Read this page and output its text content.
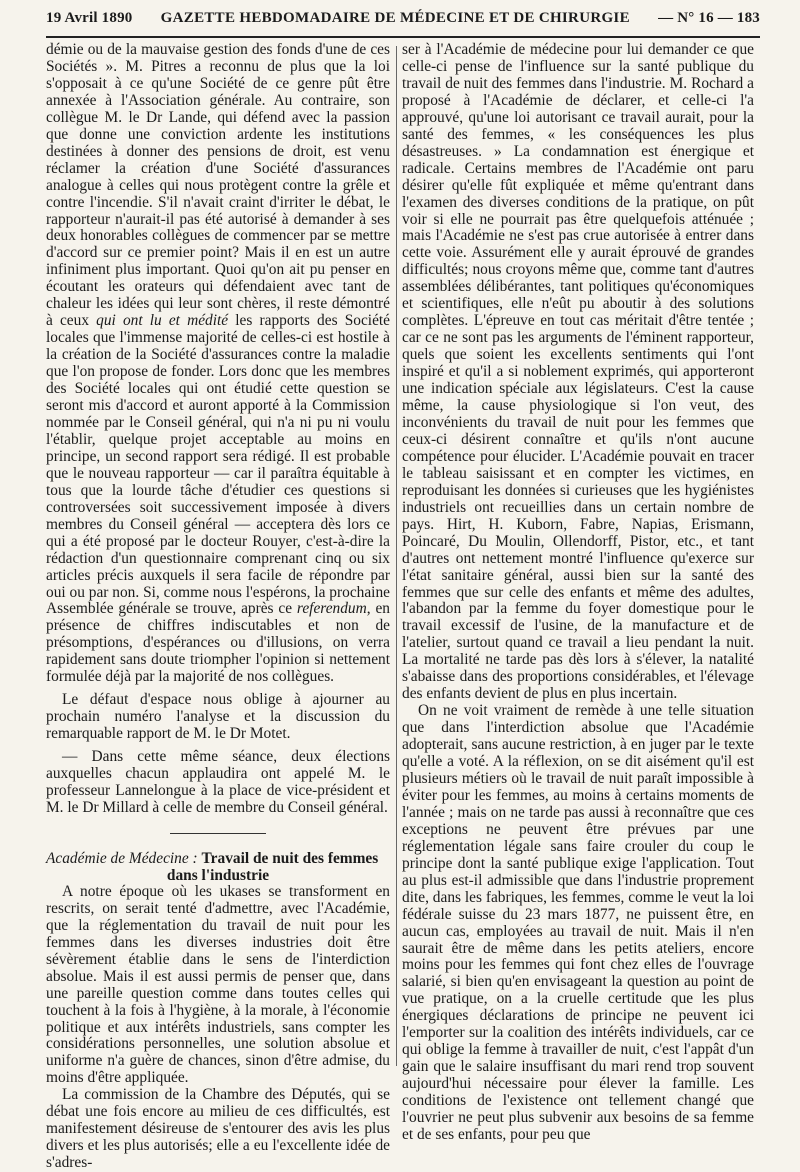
19 Avril 1890 GAZETTE HEBDOMADAIRE DE MÉDECINE ET DE CHIRURGIE — N° 16 — 183

démie ou de la mauvaise gestion des fonds d'une de ces Sociétés ». M. Pitres a reconnu de plus que la loi s'opposait à ce qu'une Société de ce genre pût être annexée à l'Association générale. Au contraire, son collègue M. le Dr Lande, qui défend avec la passion que donne une conviction ardente les institutions destinées à donner des pensions de droit, est venu réclamer la création d'une Société d'assurances analogue à celles qui nous protègent contre la grêle et contre l'incendie. S'il n'avait craint d'irriter le débat, le rapporteur n'aurait-il pas été autorisé à demander à ses deux honorables collègues de commencer par se mettre d'accord sur ce premier point? Mais il en est un autre infiniment plus important. Quoi qu'on ait pu penser en écoutant les orateurs qui défendaient avec tant de chaleur les idées qui leur sont chères, il reste démontré à ceux qui ont lu et médité les rapports des Société locales que l'immense majorité de celles-ci est hostile à la création de la Société d'assurances contre la maladie que l'on propose de fonder. Lors donc que les membres des Société locales qui ont étudié cette question se seront mis d'accord et auront apporté à la Commission nommée par le Conseil général, qui n'a ni pu ni voulu l'établir, quelque projet acceptable au moins en principe, un second rapport sera rédigé. Il est probable que le nouveau rapporteur — car il paraîtra équitable à tous que la lourde tâche d'étudier ces questions si controversées soit successivement imposée à divers membres du Conseil général — acceptera dès lors ce qui a été proposé par le docteur Rouyer, c'est-à-dire la rédaction d'un questionnaire comprenant cinq ou six articles précis auxquels il sera facile de répondre par oui ou par non. Si, comme nous l'espérons, la prochaine Assemblée générale se trouve, après ce referendum, en présence de chiffres indiscutables et non de présomptions, d'espérances ou d'illusions, on verra rapidement sans doute triompher l'opinion si nettement formulée déjà par la majorité de nos collègues.

Le défaut d'espace nous oblige à ajourner au prochain numéro l'analyse et la discussion du remarquable rapport de M. le Dr Motet.

— Dans cette même séance, deux élections auxquelles chacun applaudira ont appelé M. le professeur Lannelongue à la place de vice-président et M. le Dr Millard à celle de membre du Conseil général.

Académie de Médecine : Travail de nuit des femmes
dans l'industrie

A notre époque où les ukases se transforment en rescrits, on serait tenté d'admettre, avec l'Académie, que la réglementation du travail de nuit pour les femmes dans les diverses industries doit être sévèrement établie dans le sens de l'interdiction absolue. Mais il est aussi permis de penser que, dans une pareille question comme dans toutes celles qui touchent à la fois à l'hygiène, à la morale, à l'économie politique et aux intérêts industriels, sans compter les considérations personnelles, une solution absolue et uniforme n'a guère de chances, sinon d'être admise, du moins d'être appliquée.

La commission de la Chambre des Députés, qui se débat une fois encore au milieu de ces difficultés, est manifestement désireuse de s'entourer des avis les plus divers et les plus autorisés; elle a eu l'excellente idée de s'adres-

ser à l'Académie de médecine pour lui demander ce que celle-ci pense de l'influence sur la santé publique du travail de nuit des femmes dans l'industrie. M. Rochard a proposé à l'Académie de déclarer, et celle-ci l'a approuvé, qu'une loi autorisant ce travail aurait, pour la santé des femmes, « les conséquences les plus désastreuses. » La condamnation est énergique et radicale. Certains membres de l'Académie ont paru désirer qu'elle fût expliquée et même qu'entrant dans l'examen des diverses conditions de la pratique, on pût voir si elle ne pourrait pas être quelquefois atténuée ; mais l'Académie ne s'est pas crue autorisée à entrer dans cette voie. Assurément elle y aurait éprouvé de grandes difficultés; nous croyons même que, comme tant d'autres assemblées délibérantes, tant politiques qu'économiques et scientifiques, elle n'eût pu aboutir à des solutions complètes. L'épreuve en tout cas méritait d'être tentée ; car ce ne sont pas les arguments de l'éminent rapporteur, quels que soient les excellents sentiments qui l'ont inspiré et qu'il a si noblement exprimés, qui apporteront une indication spéciale aux législateurs. C'est la cause même, la cause physiologique si l'on veut, des inconvénients du travail de nuit pour les femmes que ceux-ci désirent connaître et qu'ils n'ont aucune compétence pour élucider. L'Académie pouvait en tracer le tableau saisissant et en compter les victimes, en reproduisant les données si curieuses que les hygiénistes industriels ont recueillies dans un certain nombre de pays. Hirt, H. Kuborn, Fabre, Napias, Erismann, Poincaré, Du Moulin, Ollendorff, Pistor, etc., et tant d'autres ont nettement montré l'influence qu'exerce sur l'état sanitaire général, aussi bien sur la santé des femmes que sur celle des enfants et même des adultes, l'abandon par la femme du foyer domestique pour le travail excessif de l'usine, de la manufacture et de l'atelier, surtout quand ce travail a lieu pendant la nuit. La mortalité ne tarde pas dès lors à s'élever, la natalité s'abaisse dans des proportions considérables, et l'élevage des enfants devient de plus en plus incertain.

On ne voit vraiment de remède à une telle situation que dans l'interdiction absolue que l'Académie adopterait, sans aucune restriction, à en juger par le texte qu'elle a voté. A la réflexion, on se dit aisément qu'il est plusieurs métiers où le travail de nuit paraît impossible à éviter pour les femmes, au moins à certains moments de l'année ; mais on ne tarde pas aussi à reconnaître que ces exceptions ne peuvent être prévues par une réglementation légale sans faire crouler du coup le principe dont la santé publique exige l'application. Tout au plus est-il admissible que dans l'industrie proprement dite, dans les fabriques, les femmes, comme le veut la loi fédérale suisse du 23 mars 1877, ne puissent être, en aucun cas, employées au travail de nuit. Mais il n'en saurait être de même dans les petits ateliers, encore moins pour les femmes qui font chez elles de l'ouvrage salarié, si bien qu'en envisageant la question au point de vue pratique, on a la cruelle certitude que les plus énergiques déclarations de principe ne peuvent ici l'emporter sur la coalition des intérêts individuels, car ce qui oblige la femme à travailler de nuit, c'est l'appât d'un gain que le salaire insuffisant du mari rend trop souvent aujourd'hui nécessaire pour élever la famille. Les conditions de l'existence ont tellement changé que l'ouvrier ne peut plus subvenir aux besoins de sa femme et de ses enfants, pour peu que
